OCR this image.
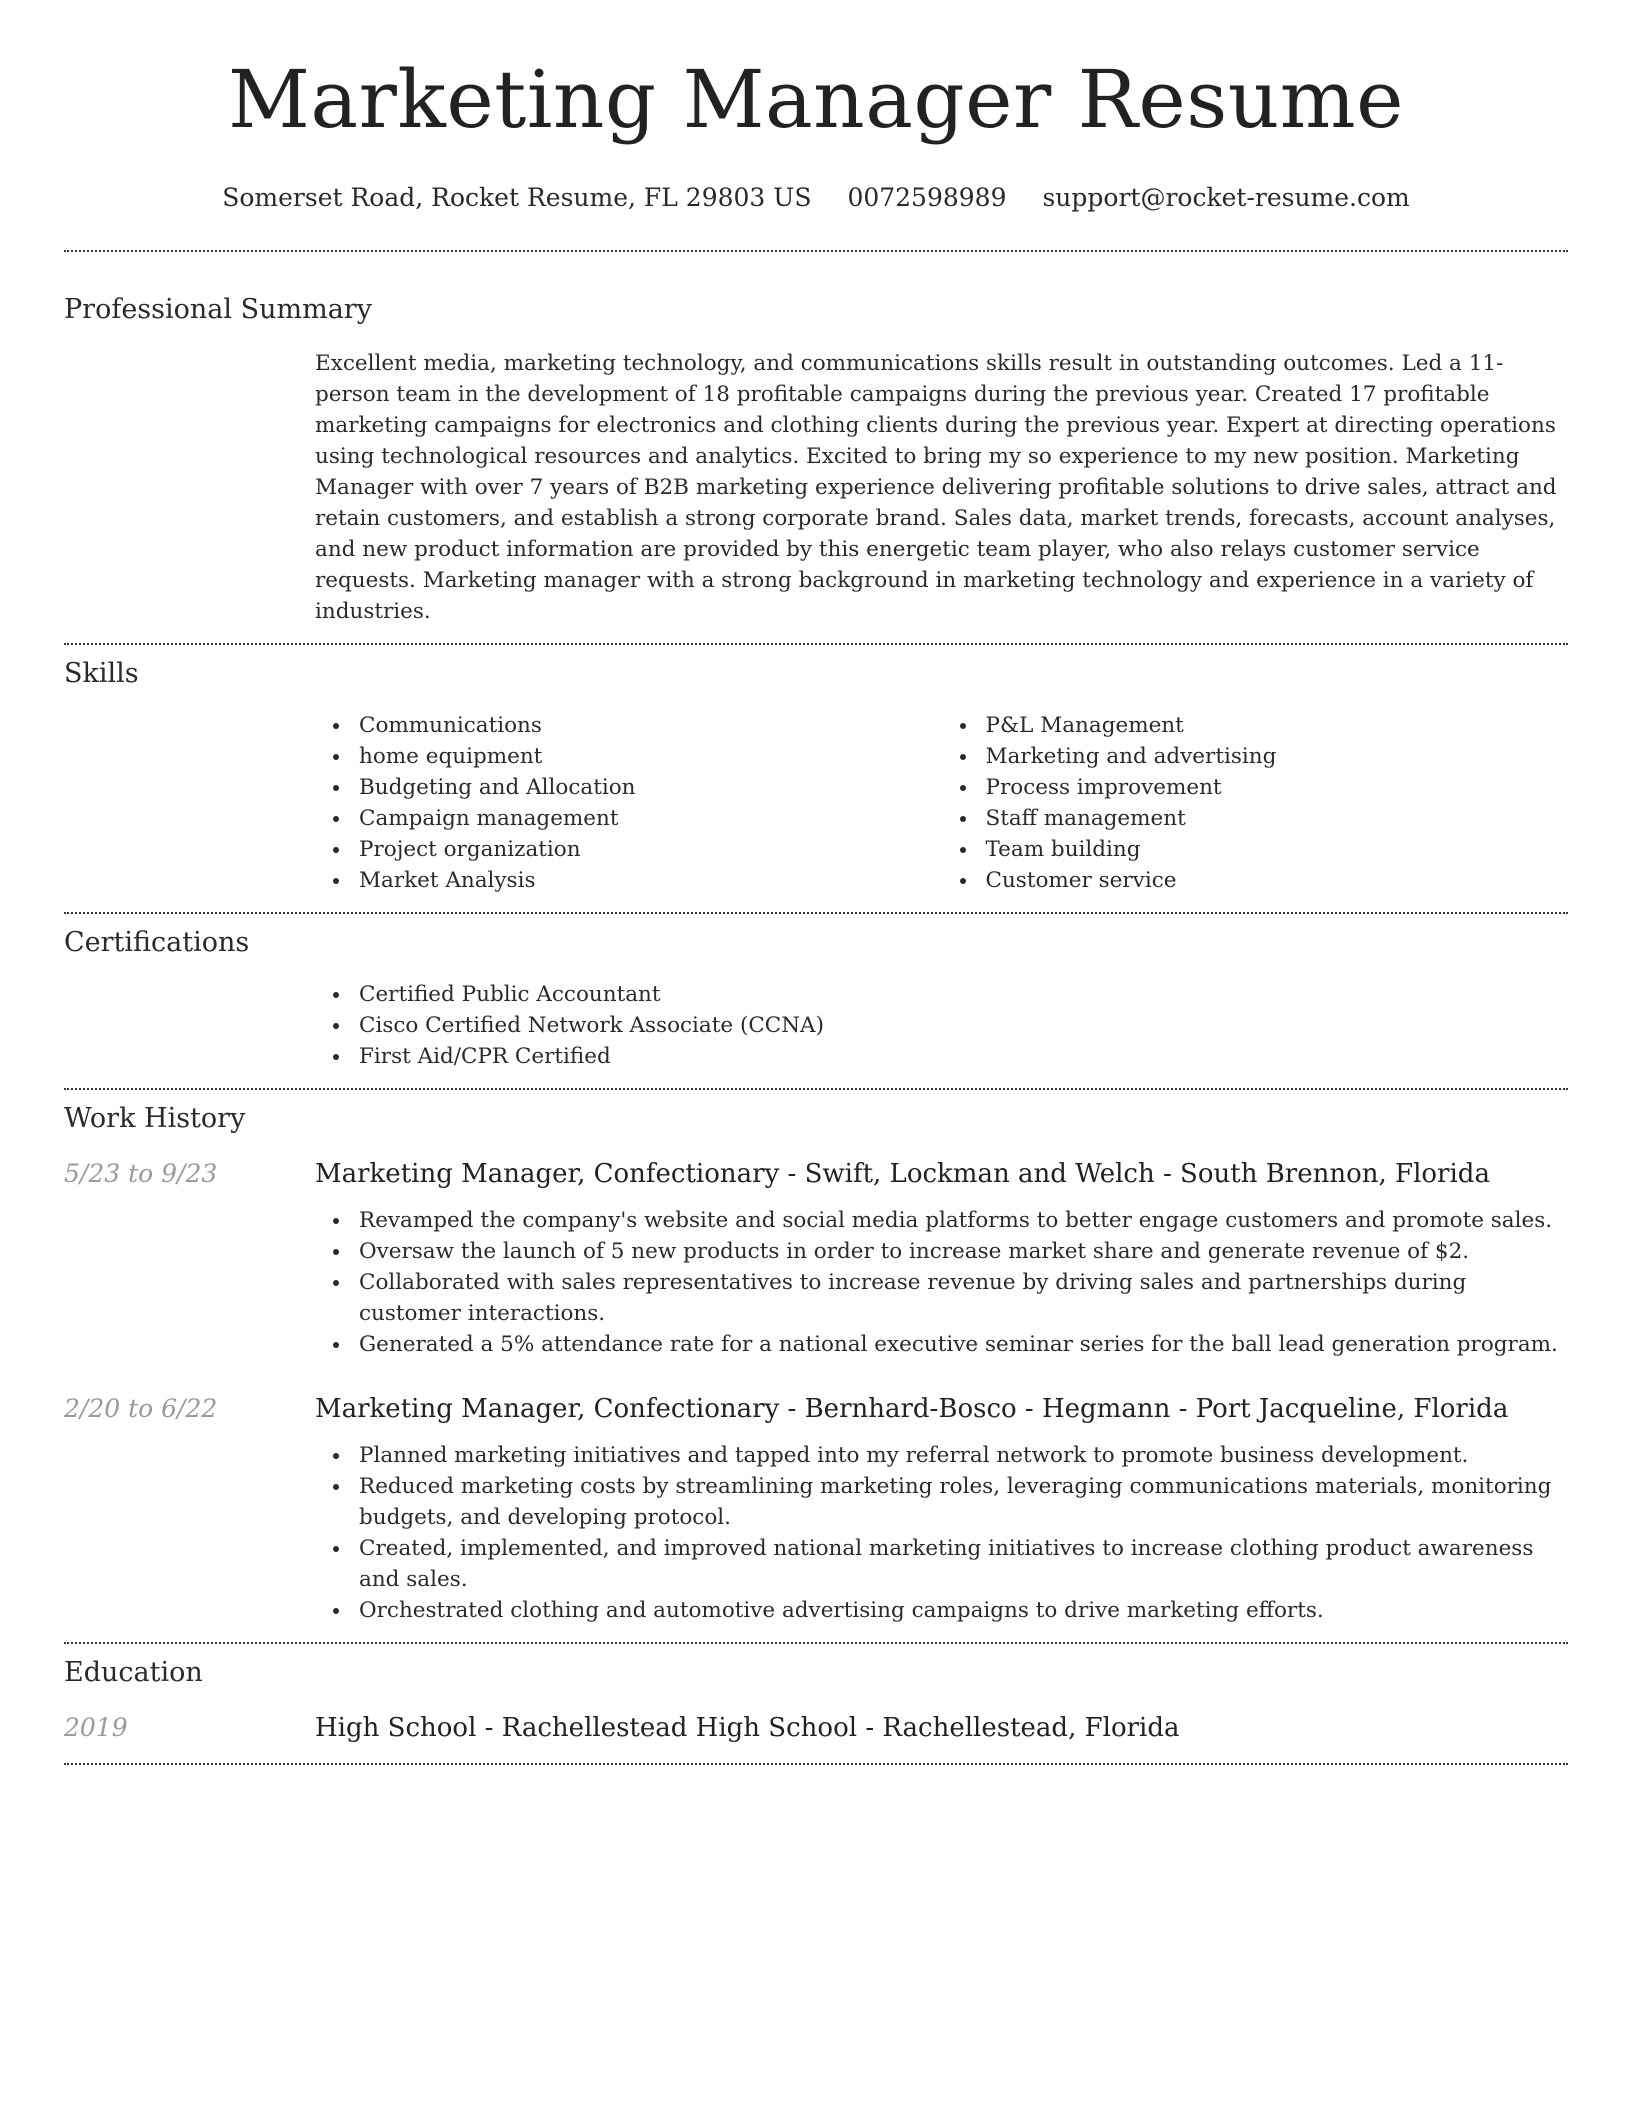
Marketing Manager Resume
Somerset Road, Rocket Resume, FL 29803 US 0072598989 support@rocket-resume.com
Professional Summary
Excellent media, marketing technology, and communications skills result in outstanding outcomes. Led a 11-person team in the development of 18 profitable campaigns during the previous year. Created 17 profitable marketing campaigns for electronics and clothing clients during the previous year. Expert at directing operations using technological resources and analytics. Excited to bring my so experience to my new position. Marketing Manager with over 7 years of B2B marketing experience delivering profitable solutions to drive sales, attract and retain customers, and establish a strong corporate brand. Sales data, market trends, forecasts, account analyses, and new product information are provided by this energetic team player, who also relays customer service requests. Marketing manager with a strong background in marketing technology and experience in a variety of industries.
Skills
Communications
home equipment
Budgeting and Allocation
Campaign management
Project organization
Market Analysis
P&L Management
Marketing and advertising
Process improvement
Staff management
Team building
Customer service
Certifications
Certified Public Accountant
Cisco Certified Network Associate (CCNA)
First Aid/CPR Certified
Work History
5/23 to 9/23	Marketing Manager, Confectionary - Swift, Lockman and Welch - South Brennon, Florida
Revamped the company's website and social media platforms to better engage customers and promote sales.
Oversaw the launch of 5 new products in order to increase market share and generate revenue of $2.
Collaborated with sales representatives to increase revenue by driving sales and partnerships during customer interactions.
Generated a 5% attendance rate for a national executive seminar series for the ball lead generation program.
2/20 to 6/22	Marketing Manager, Confectionary - Bernhard-Bosco - Hegmann - Port Jacqueline, Florida
Planned marketing initiatives and tapped into my referral network to promote business development.
Reduced marketing costs by streamlining marketing roles, leveraging communications materials, monitoring budgets, and developing protocol.
Created, implemented, and improved national marketing initiatives to increase clothing product awareness and sales.
Orchestrated clothing and automotive advertising campaigns to drive marketing efforts.
Education
2019	High School - Rachellestead High School - Rachellestead, Florida
